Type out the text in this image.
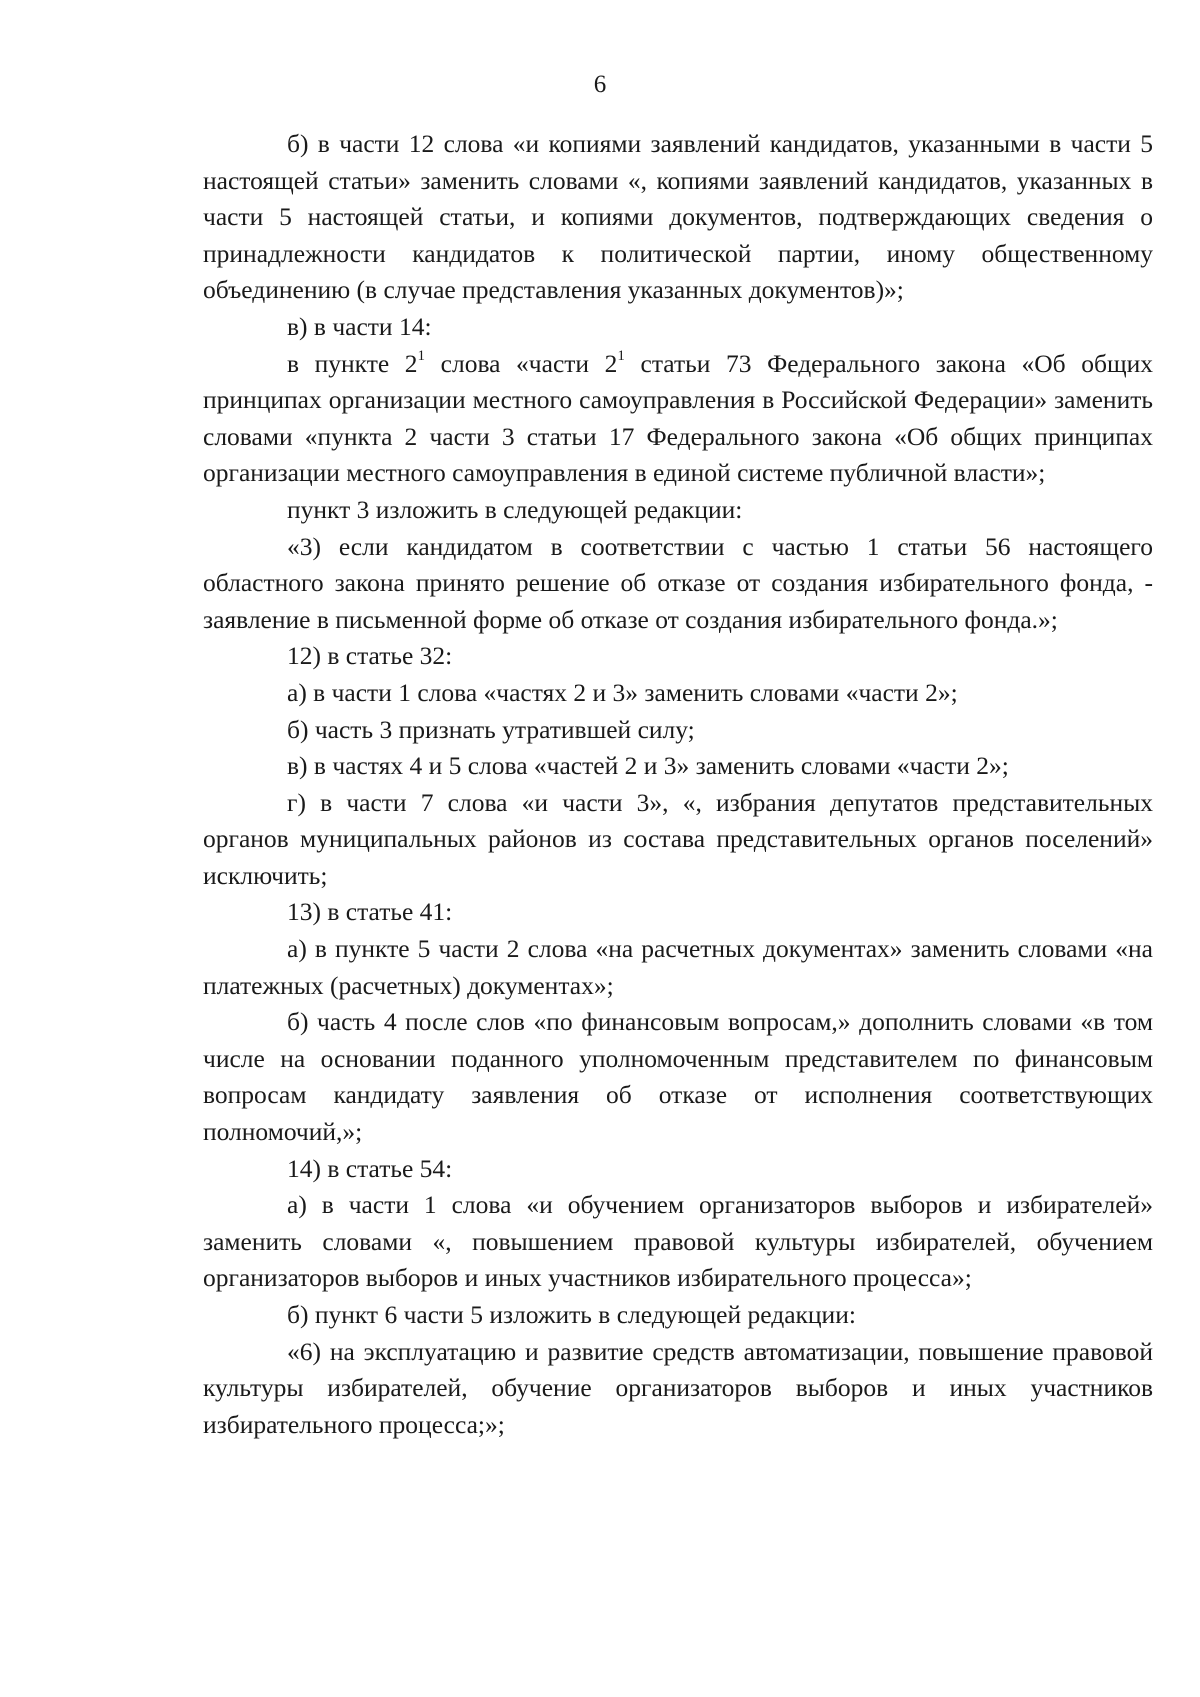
6

б) в части 12 слова «и копиями заявлений кандидатов, указанными в части 5 настоящей статьи» заменить словами «, копиями заявлений кандидатов, указанных в части 5 настоящей статьи, и копиями документов, подтверждающих сведения о принадлежности кандидатов к политической партии, иному общественному объединению (в случае представления указанных документов)»;

в) в части 14:

в пункте $2^1$ слова «части $2^1$ статьи 73 Федерального закона «Об общих принципах организации местного самоуправления в Российской Федерации» заменить словами «пункта 2 части 3 статьи 17 Федерального закона «Об общих принципах организации местного самоуправления в единой системе публичной власти»;

пункт 3 изложить в следующей редакции:

«3) если кандидатом в соответствии с частью 1 статьи 56 настоящего областного закона принято решение об отказе от создания избирательного фонда, - заявление в письменной форме об отказе от создания избирательного фонда.»;

12) в статье 32:

а) в части 1 слова «частях 2 и 3» заменить словами «части 2»;

б) часть 3 признать утратившей силу;

в) в частях 4 и 5 слова «частей 2 и 3» заменить словами «части 2»;

г) в части 7 слова «и части 3», «, избрания депутатов представительных органов муниципальных районов из состава представительных органов поселений» исключить;

13) в статье 41:

а) в пункте 5 части 2 слова «на расчетных документах» заменить словами «на платежных (расчетных) документах»;

б) часть 4 после слов «по финансовым вопросам,» дополнить словами «в том числе на основании поданного уполномоченным представителем по финансовым вопросам кандидату заявления об отказе от исполнения соответствующих полномочий,»;

14) в статье 54:

а) в части 1 слова «и обучением организаторов выборов и избирателей» заменить словами «, повышением правовой культуры избирателей, обучением организаторов выборов и иных участников избирательного процесса»;

б) пункт 6 части 5 изложить в следующей редакции:

«6) на эксплуатацию и развитие средств автоматизации, повышение правовой культуры избирателей, обучение организаторов выборов и иных участников избирательного процесса;»;
